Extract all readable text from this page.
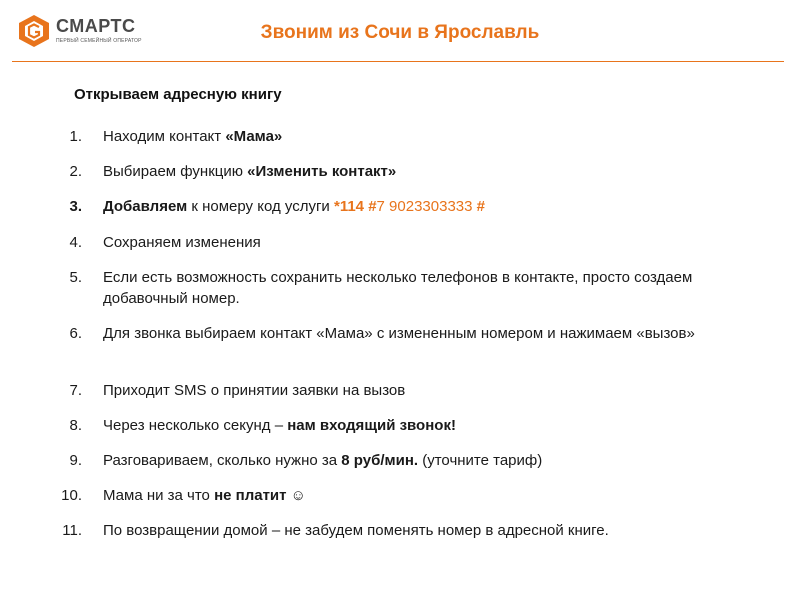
СМАРТС
ПЕРВЫЙ СЕМЕЙНЫЙ ОПЕРАТОР	Звоним из Сочи в Ярославль
Открываем адресную книгу
1. Находим контакт «Мама»
2. Выбираем функцию «Изменить контакт»
3. Добавляем к номеру код услуги *114 #7 9023303333 #
4. Сохраняем изменения
5. Если есть возможность сохранить несколько телефонов в контакте, просто создаем добавочный номер.
6. Для звонка выбираем контакт «Мама» с измененным номером и нажимаем «вызов»
7. Приходит SMS о принятии заявки на вызов
8. Через несколько секунд – нам входящий звонок!
9. Разговариваем, сколько нужно за 8 руб/мин. (уточните тариф)
10. Мама ни за что не платит ☺
11. По возвращении домой – не забудем поменять номер в адресной книге.
